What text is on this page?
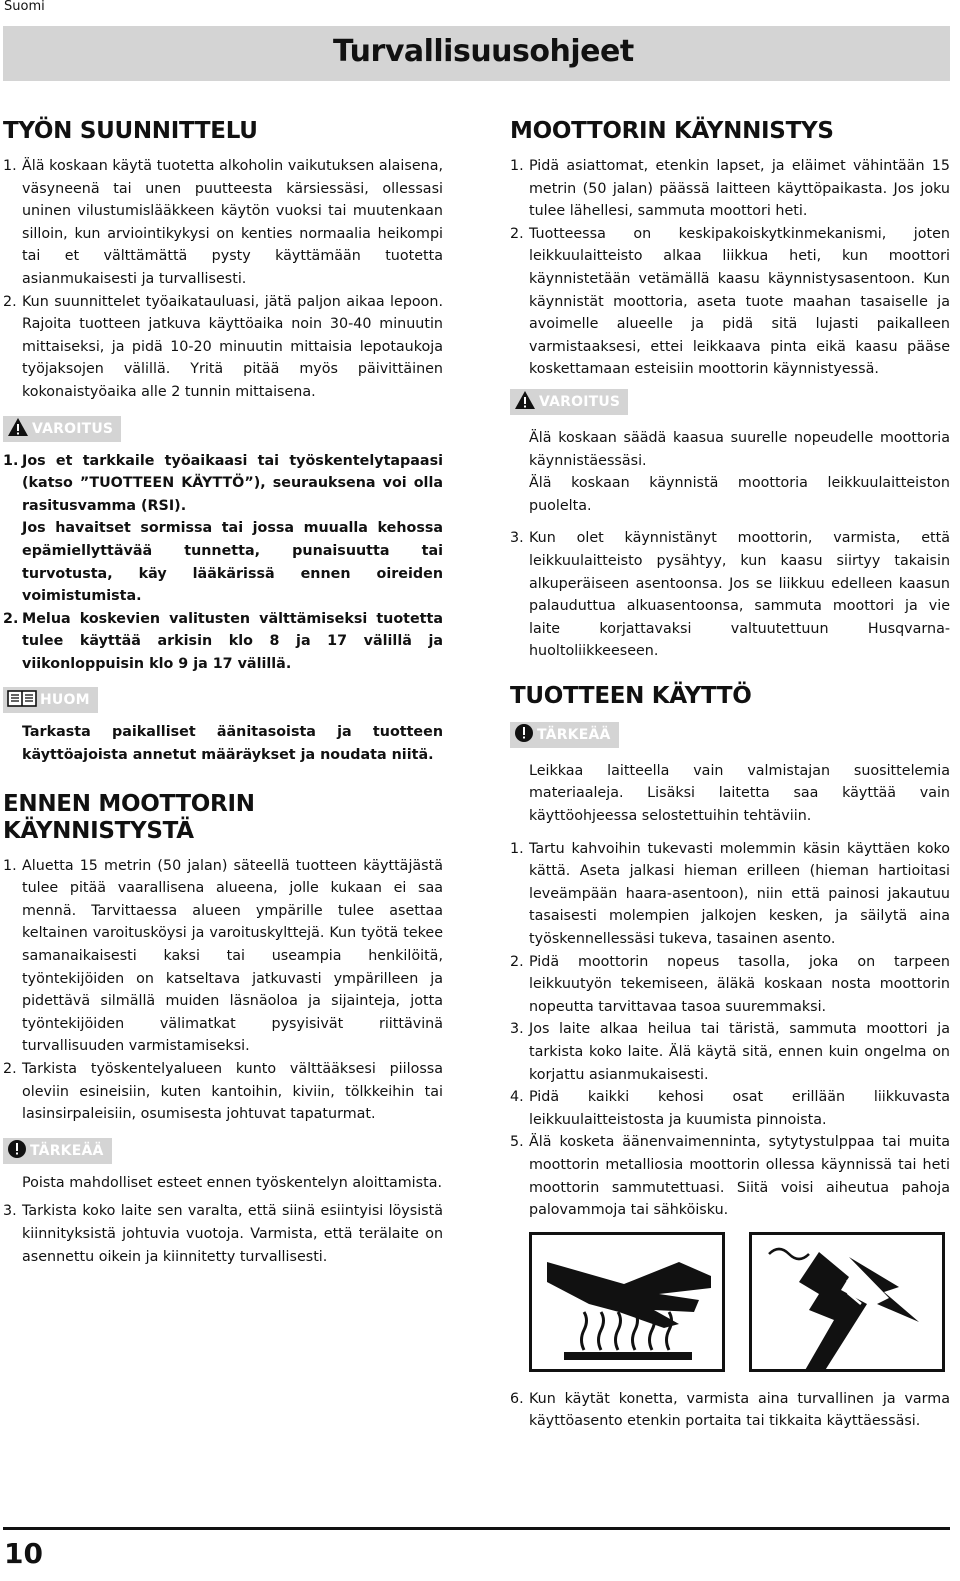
Suomi
Turvallisuusohjeet
TYÖN SUUNNITTELU
1. Älä koskaan käytä tuotetta alkoholin vaikutuksen alaisena, väsyneenä tai unen puutteesta kärsiessäsi, ollessasi uninen vilustumislääkkeen käytön vuoksi tai muutenkaan silloin, kun arviointikykysi on kenties normaalia heikompi tai et välttämättä pysty käyttämään tuotetta asianmukaisesti ja turvallisesti.
2. Kun suunnittelet työaikatauluasi, jätä paljon aikaa lepoon. Rajoita tuotteen jatkuva käyttöaika noin 30-40 minuutin mittaiseksi, ja pidä 10-20 minuutin mittaisia lepotaukoja työjaksojen välillä. Yritä pitää myös päivittäinen kokonaistyöaika alle 2 tunnin mittaisena.
VAROITUS
1. Jos et tarkkaile työaikaasi tai työskentelytapaasi (katso ”TUOTTEEN KÄYTTÖ”), seurauksena voi olla rasitusvamma (RSI).
Jos havaitset sormissa tai jossa muualla kehossa epämiellyttävää tunnetta, punaisuutta tai turvotusta, käy lääkärissä ennen oireiden voimistumista.
2. Melua koskevien valitusten välttämiseksi tuotetta tulee käyttää arkisin klo 8 ja 17 välillä ja viikonloppuisin klo 9 ja 17 välillä.
HUOM

Tarkasta paikalliset äänitasoista ja tuotteen käyttöajoista annetut määräykset ja noudata niitä.

ENNEN MOOTTORIN
KÄYNNISTYSTÄ
1. Aluetta 15 metrin (50 jalan) säteellä tuotteen käyttäjästä tulee pitää vaarallisena alueena, jolle kukaan ei saa mennä. Tarvittaessa alueen ympärille tulee asettaa keltainen varoitusköysi ja varoituskylttejä. Kun työtä tekee samanaikaisesti kaksi tai useampia henkilöitä, työntekijöiden on katseltava jatkuvasti ympärilleen ja pidettävä silmällä muiden läsnäoloa ja sijainteja, jotta työntekijöiden välimatkat pysyisivät riittävinä turvallisuuden varmistamiseksi.
2. Tarkista työskentelyalueen kunto välttääksesi piilossa oleviin esineisiin, kuten kantoihin, kiviin, tölkkeihin tai lasinsirpaleisiin, osumisesta johtuvat tapaturmat.
TÄRKEÄÄ

Poista mahdolliset esteet ennen työskentelyn aloittamista.

3. Tarkista koko laite sen varalta, että siinä esiintyisi löysistä kiinnityksistä johtuvia vuotoja. Varmista, että terälaite on asennettu oikein ja kiinnitetty turvallisesti.
MOOTTORIN KÄYNNISTYS
1. Pidä asiattomat, etenkin lapset, ja eläimet vähintään 15 metrin (50 jalan) päässä laitteen käyttöpaikasta. Jos joku tulee lähellesi, sammuta moottori heti.
2. Tuotteessa on keskipakoiskytkinmekanismi, joten leikkuulaitteisto alkaa liikkua heti, kun moottori käynnistetään vetämällä kaasu käynnistysasentoon. Kun käynnistät moottoria, aseta tuote maahan tasaiselle ja avoimelle alueelle ja pidä sitä lujasti paikalleen varmistaaksesi, ettei leikkaava pinta eikä kaasu pääse koskettamaan esteisiin moottorin käynnistyessä.
VAROITUS

Älä koskaan säädä kaasua suurelle nopeudelle moottoria käynnistäessäsi.

Älä koskaan käynnistä moottoria leikkuulaitteiston puolelta.

3. Kun olet käynnistänyt moottorin, varmista, että leikkuulaitteisto pysähtyy, kun kaasu siirtyy takaisin alkuperäiseen asentoonsa. Jos se liikkuu edelleen kaasun palauduttua alkuasentoonsa, sammuta moottori ja vie laite korjattavaksi valtuutettuun Husqvarna-huoltoliikkeeseen.
TUOTTEEN KÄYTTÖ
TÄRKEÄÄ

Leikkaa laitteella vain valmistajan suosittelemia materiaaleja. Lisäksi laitetta saa käyttää vain käyttöohjeessa selostettuihin tehtäviin.

1. Tartu kahvoihin tukevasti molemmin käsin käyttäen koko kättä. Aseta jalkasi hieman erilleen (hieman hartioitasi leveämpään haara-asentoon), niin että painosi jakautuu tasaisesti molempien jalkojen kesken, ja säilytä aina työskennellessäsi tukeva, tasainen asento.
2. Pidä moottorin nopeus tasolla, joka on tarpeen leikkuutyön tekemiseen, äläkä koskaan nosta moottorin nopeutta tarvittavaa tasoa suuremmaksi.
3. Jos laite alkaa heilua tai täristä, sammuta moottori ja tarkista koko laite. Älä käytä sitä, ennen kuin ongelma on korjattu asianmukaisesti.
4. Pidä kaikki kehosi osat erillään liikkuvasta leikkuulaitteistosta ja kuumista pinnoista.
5. Älä kosketa äänenvaimenninta, sytytystulppaa tai muita moottorin metalliosia moottorin ollessa käynnissä tai heti moottorin sammutettuasi. Siitä voisi aiheutua pahoja palovammoja tai sähköisku.
6. Kun käytät konetta, varmista aina turvallinen ja varma käyttöasento etenkin portaita tai tikkaita käyttäessäsi.
10
